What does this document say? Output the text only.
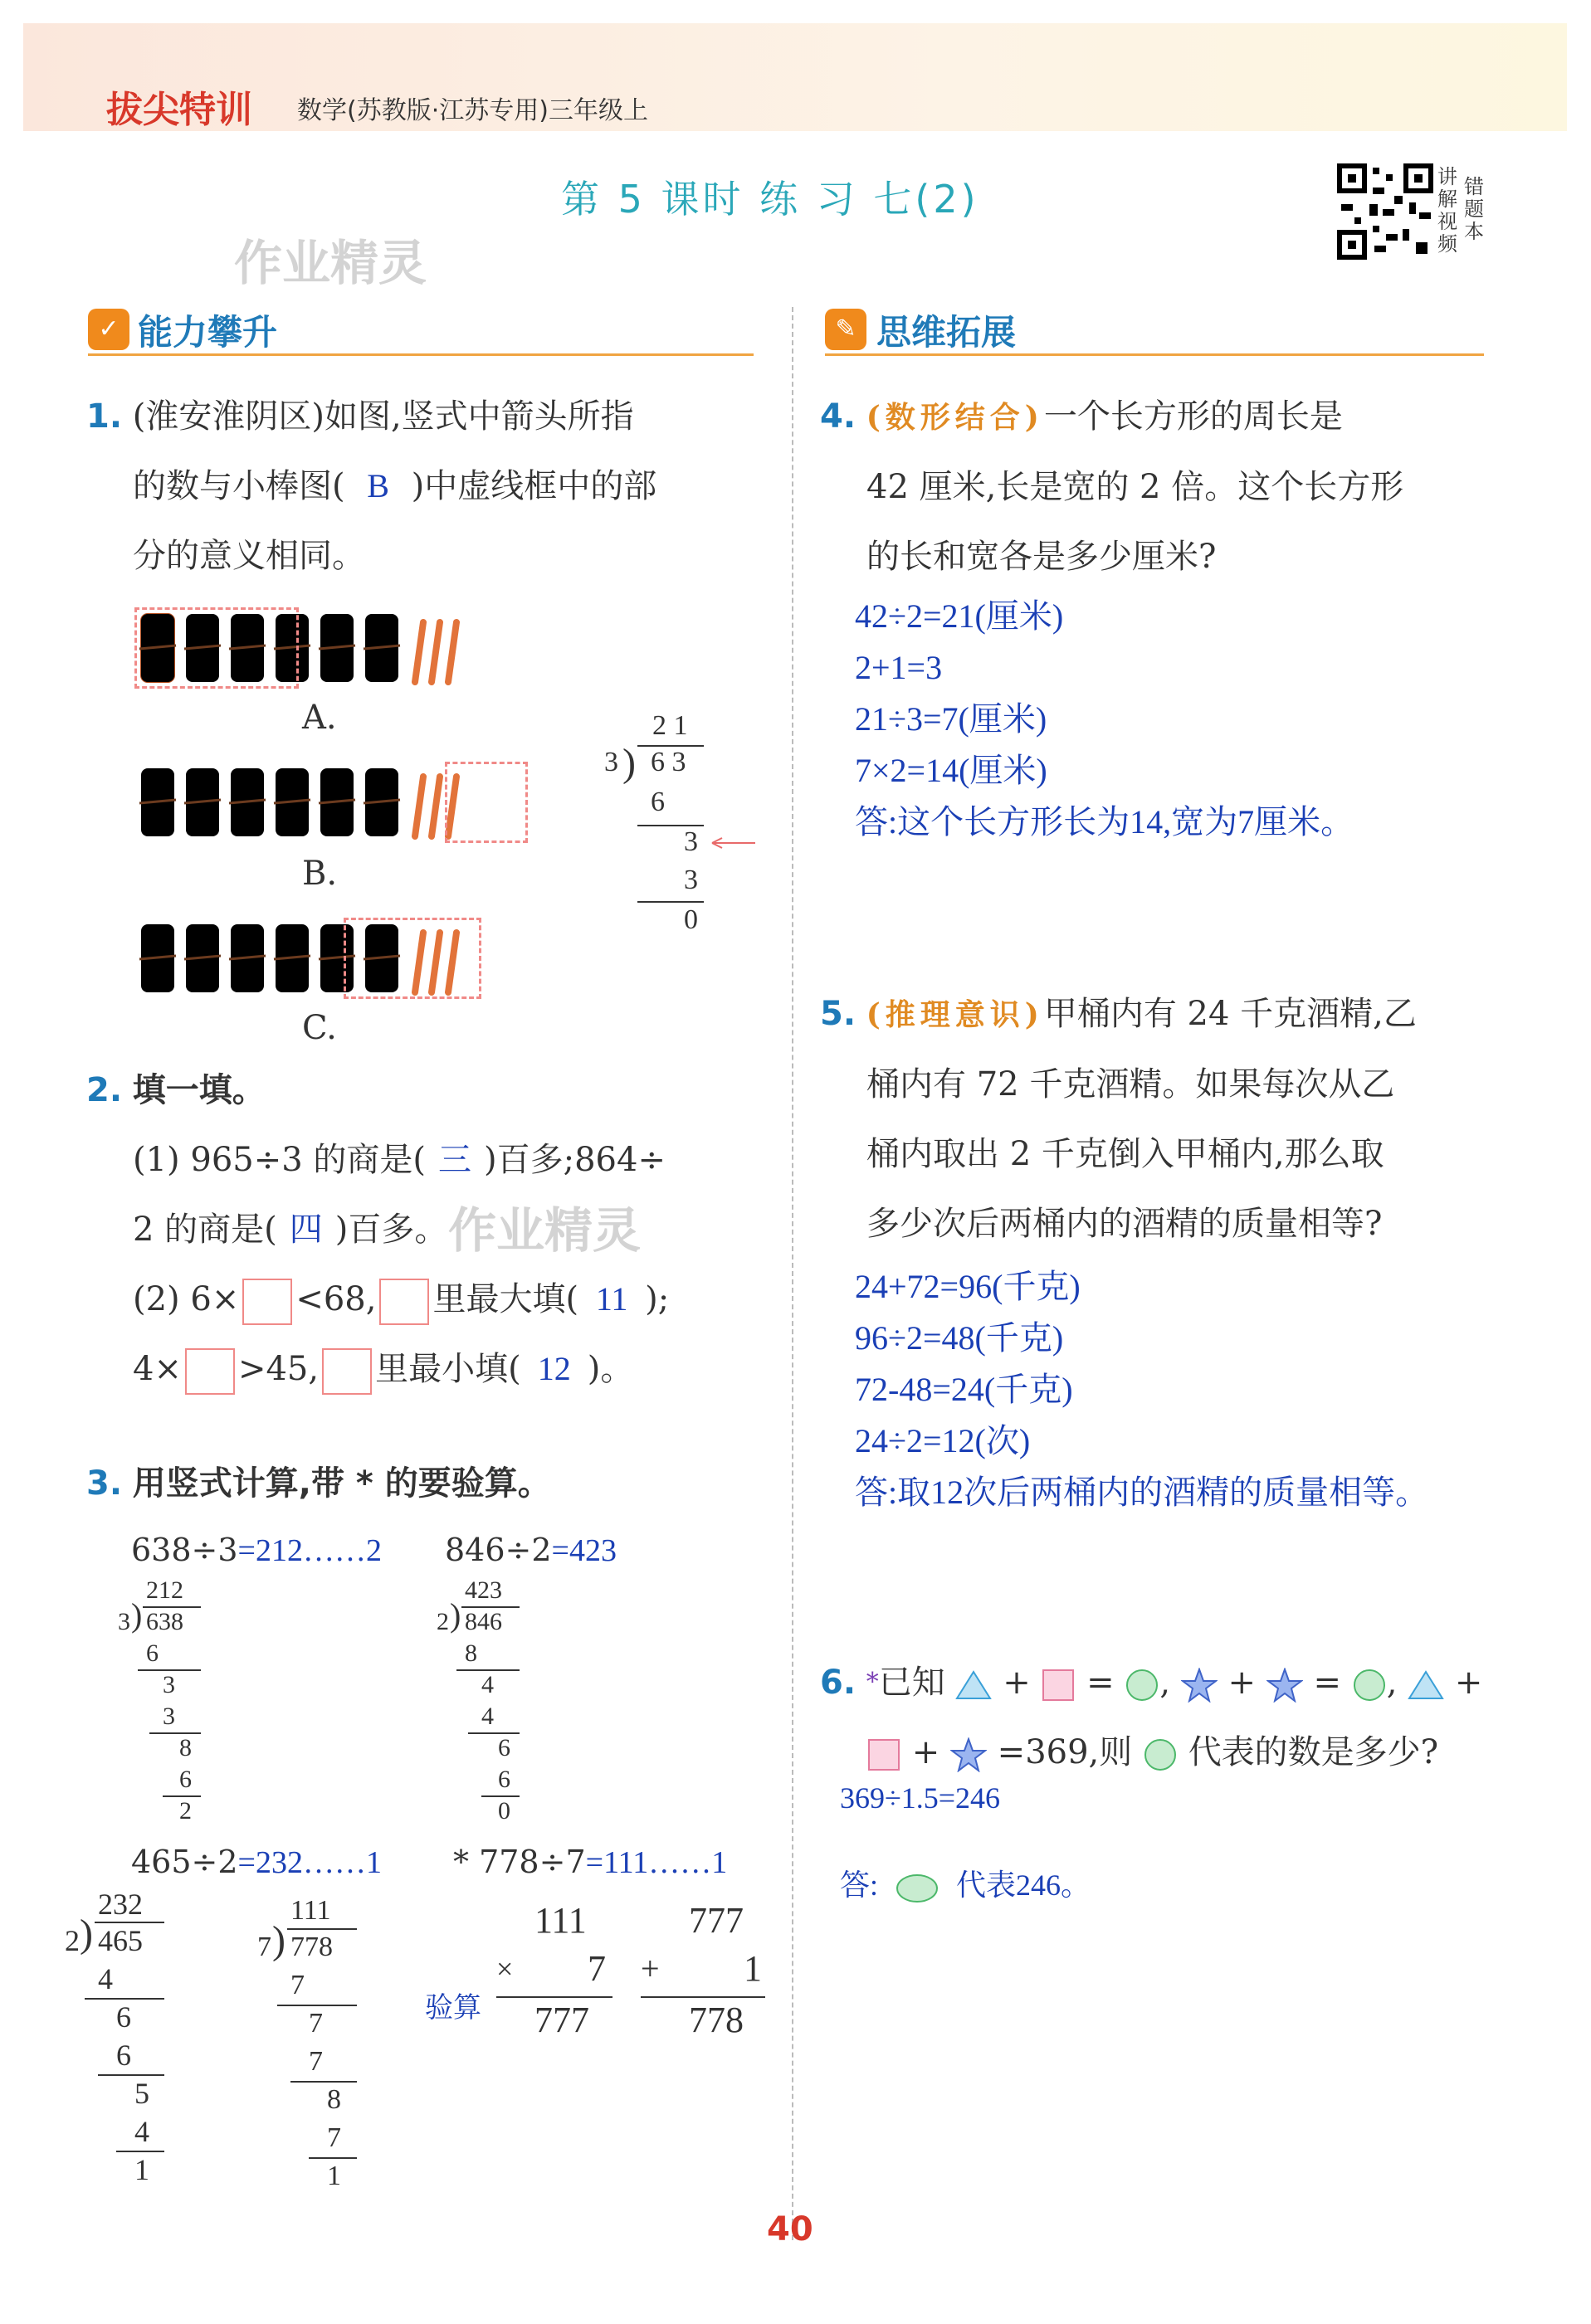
拔尖特训 数学(苏教版·江苏专用)三年级上
第 5 课时 练 习 七(2)	讲解视频
错题本
作业精灵
✓ 能力攀升	✎ 思维拓展
1. (淮安淮阴区)如图,竖式中箭头所指
的数与小棒图( B )中虚线框中的部
分的意义相同。
A.
B.
C.
2 1
3 ) 6 3
6
3
3
0
2. 填一填。
(1) 965÷3 的商是( 三 )百多;864÷
2 的商是( 四 )百多。
(2) 6× <68, 里最大填( 11 );
4× >45, 里最小填( 12 )。
作业精灵
3. 用竖式计算,带 * 的要验算。
638÷3=212……2 846÷2=423
465÷2=232……1 * 778÷7=111……1
212
3 ) 638
6
3
3
8
6
2
423
2 ) 846
8
4
4
6
6
0
232
2 ) 465
4
6
6
5
4
1
111
7 ) 778
7
7
7
8
7
1
验算
111
× 7
777
777
+ 1
778
4. (数形结合)一个长方形的周长是
42 厘米,长是宽的 2 倍。这个长方形
的长和宽各是多少厘米?
42÷2=21(厘米)
2+1=3
21÷3=7(厘米)
7×2=14(厘米)
答:这个长方形长为14,宽为7厘米。
5. (推理意识)甲桶内有 24 千克酒精,乙
桶内有 72 千克酒精。如果每次从乙
桶内取出 2 千克倒入甲桶内,那么取
多少次后两桶内的酒精的质量相等?
24+72=96(千克)
96÷2=48(千克)
72-48=24(千克)
24÷2=12(次)
答:取12次后两桶内的酒精的质量相等。
6. *已知 + = , + = , +
+ =369,则 代表的数是多少?
369÷1.5=246
答:	代表246。
40
